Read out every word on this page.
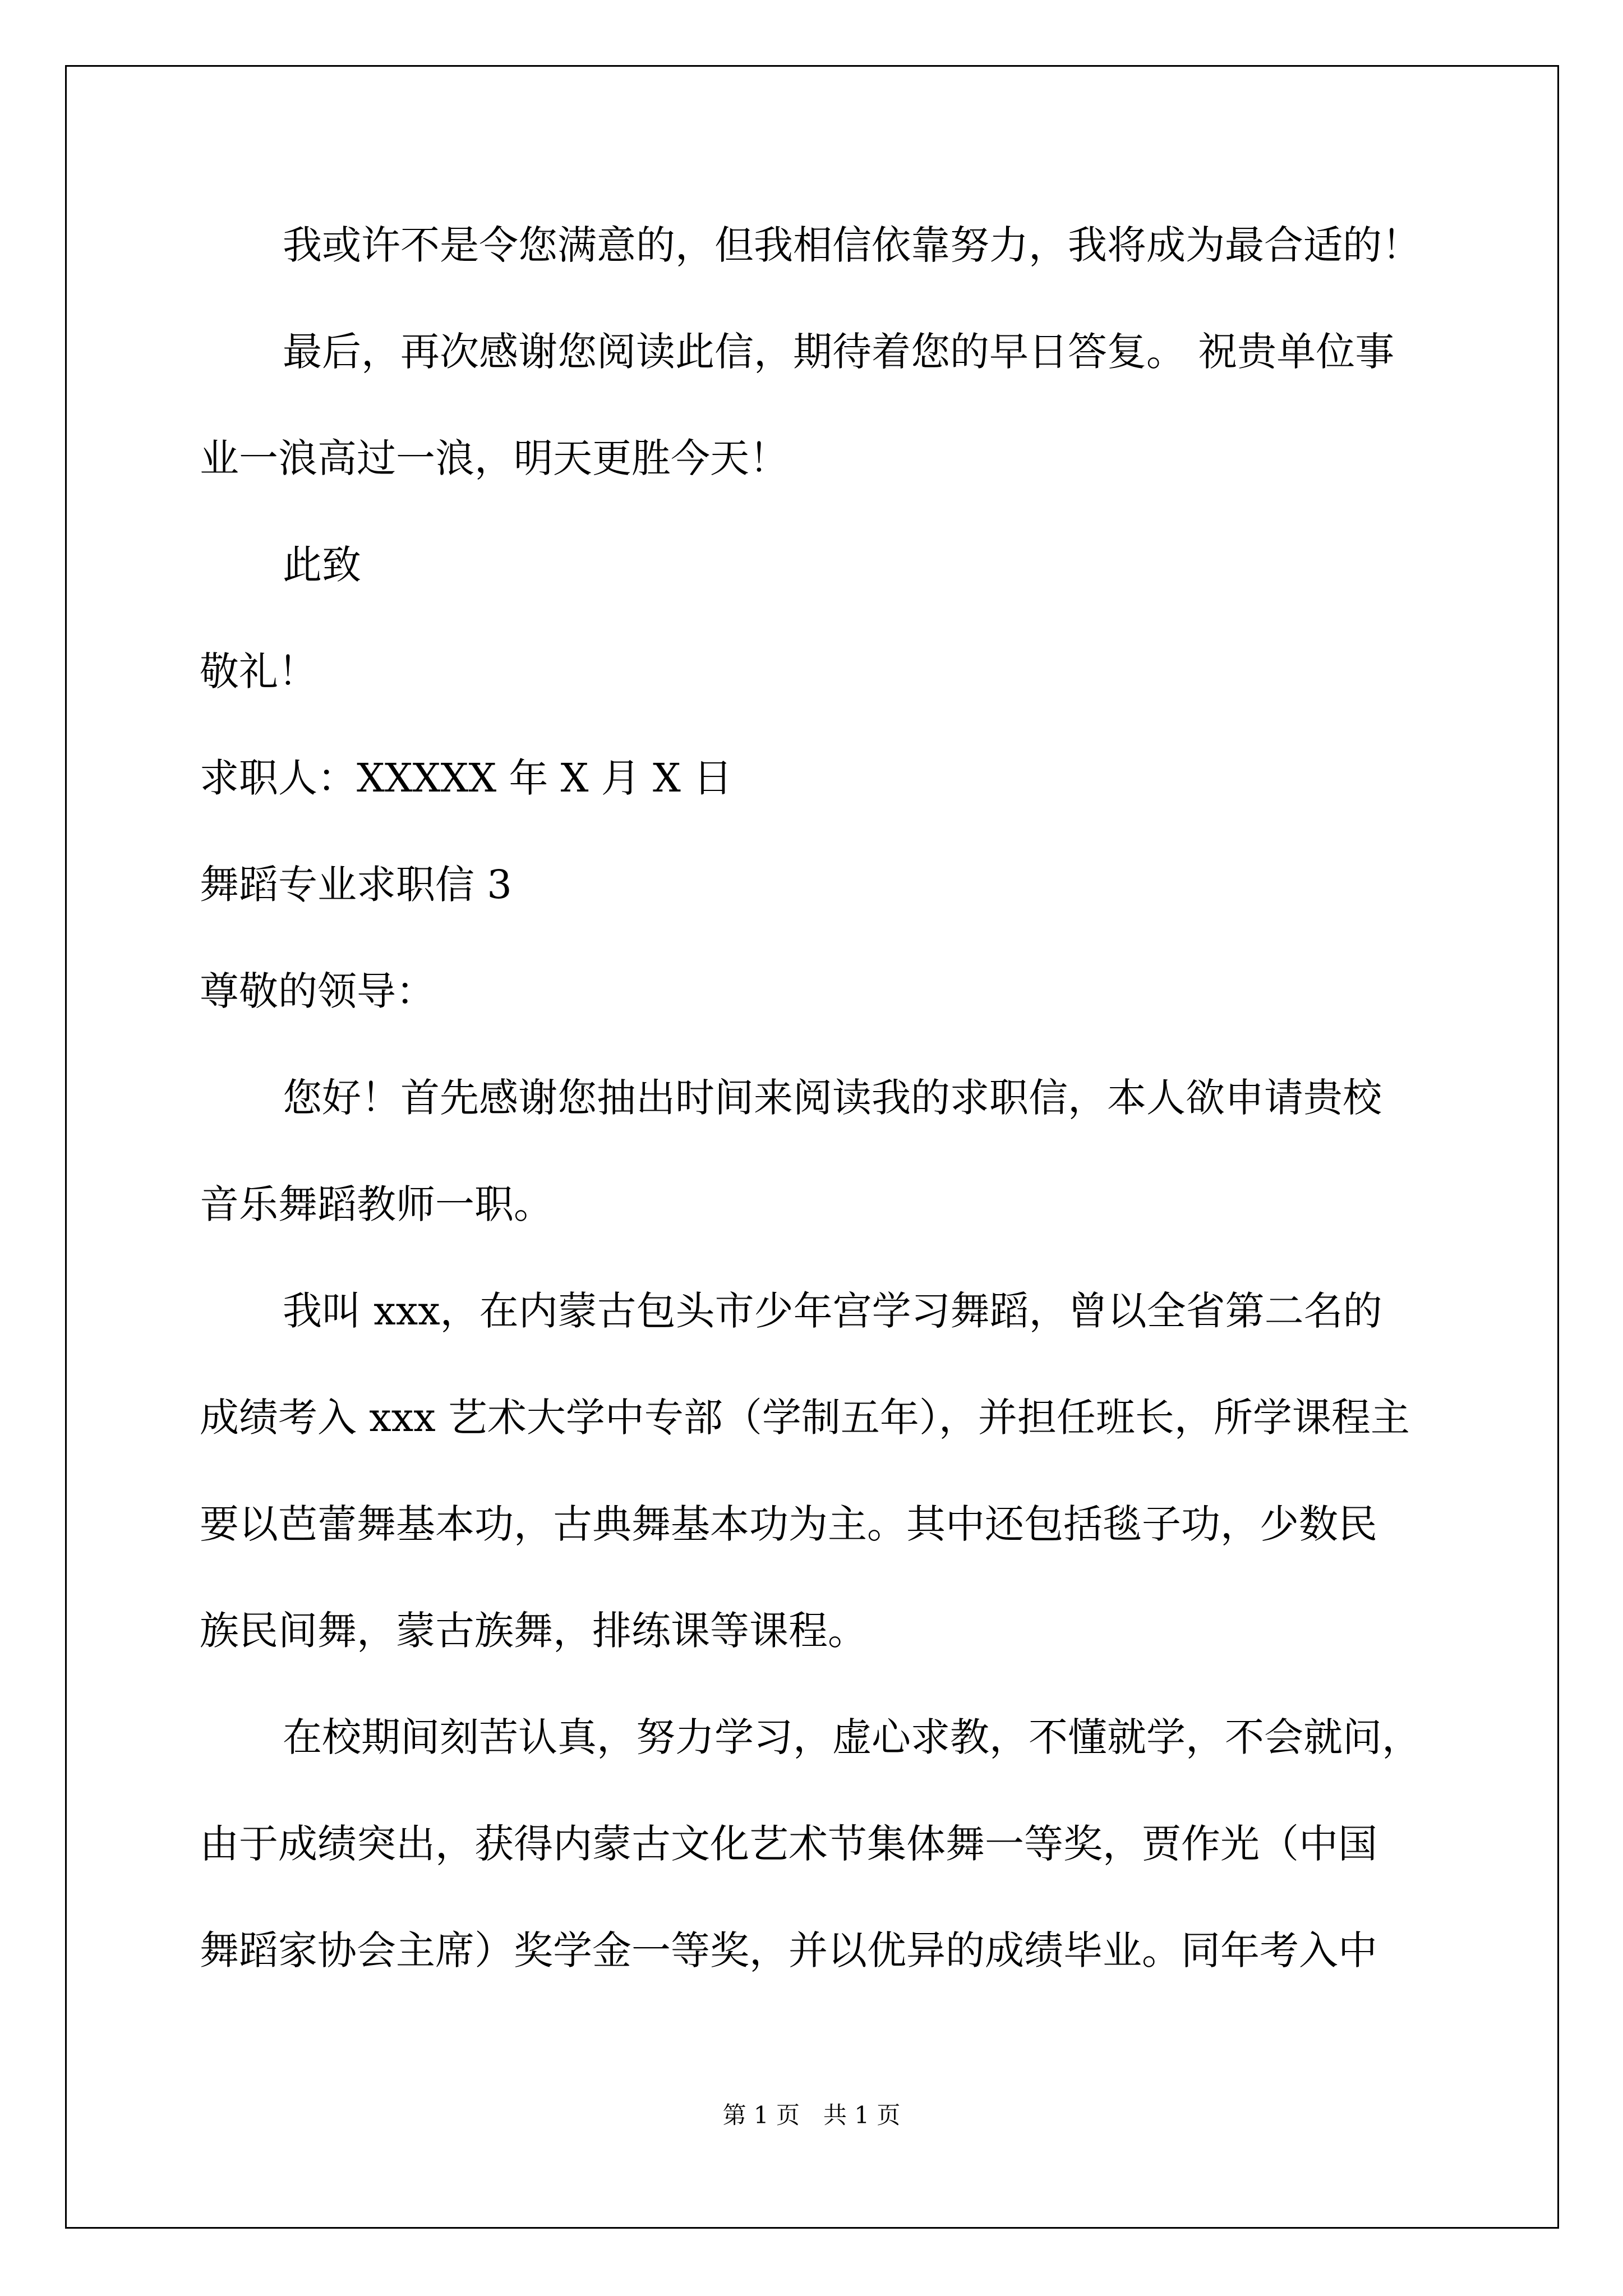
我或许不是令您满意的，但我相信依靠努力，我将成为最合适的！

最后，再次感谢您阅读此信，期待着您的早日答复。 祝贵单位事

业一浪高过一浪，明天更胜今天！

此致

敬礼！

求职人：XXXXX 年 X 月 X 日

舞蹈专业求职信 3

尊敬的领导：

您好！首先感谢您抽出时间来阅读我的求职信，本人欲申请贵校

音乐舞蹈教师一职。

我叫 xxx，在内蒙古包头市少年宫学习舞蹈，曾以全省第二名的

成绩考入 xxx 艺术大学中专部（学制五年），并担任班长，所学课程主

要以芭蕾舞基本功，古典舞基本功为主。其中还包括毯子功，少数民

族民间舞，蒙古族舞，排练课等课程。

在校期间刻苦认真，努力学习，虚心求教，不懂就学，不会就问，

由于成绩突出，获得内蒙古文化艺术节集体舞一等奖，贾作光（中国

舞蹈家协会主席）奖学金一等奖，并以优异的成绩毕业。同年考入中

第 1 页　共 1 页
